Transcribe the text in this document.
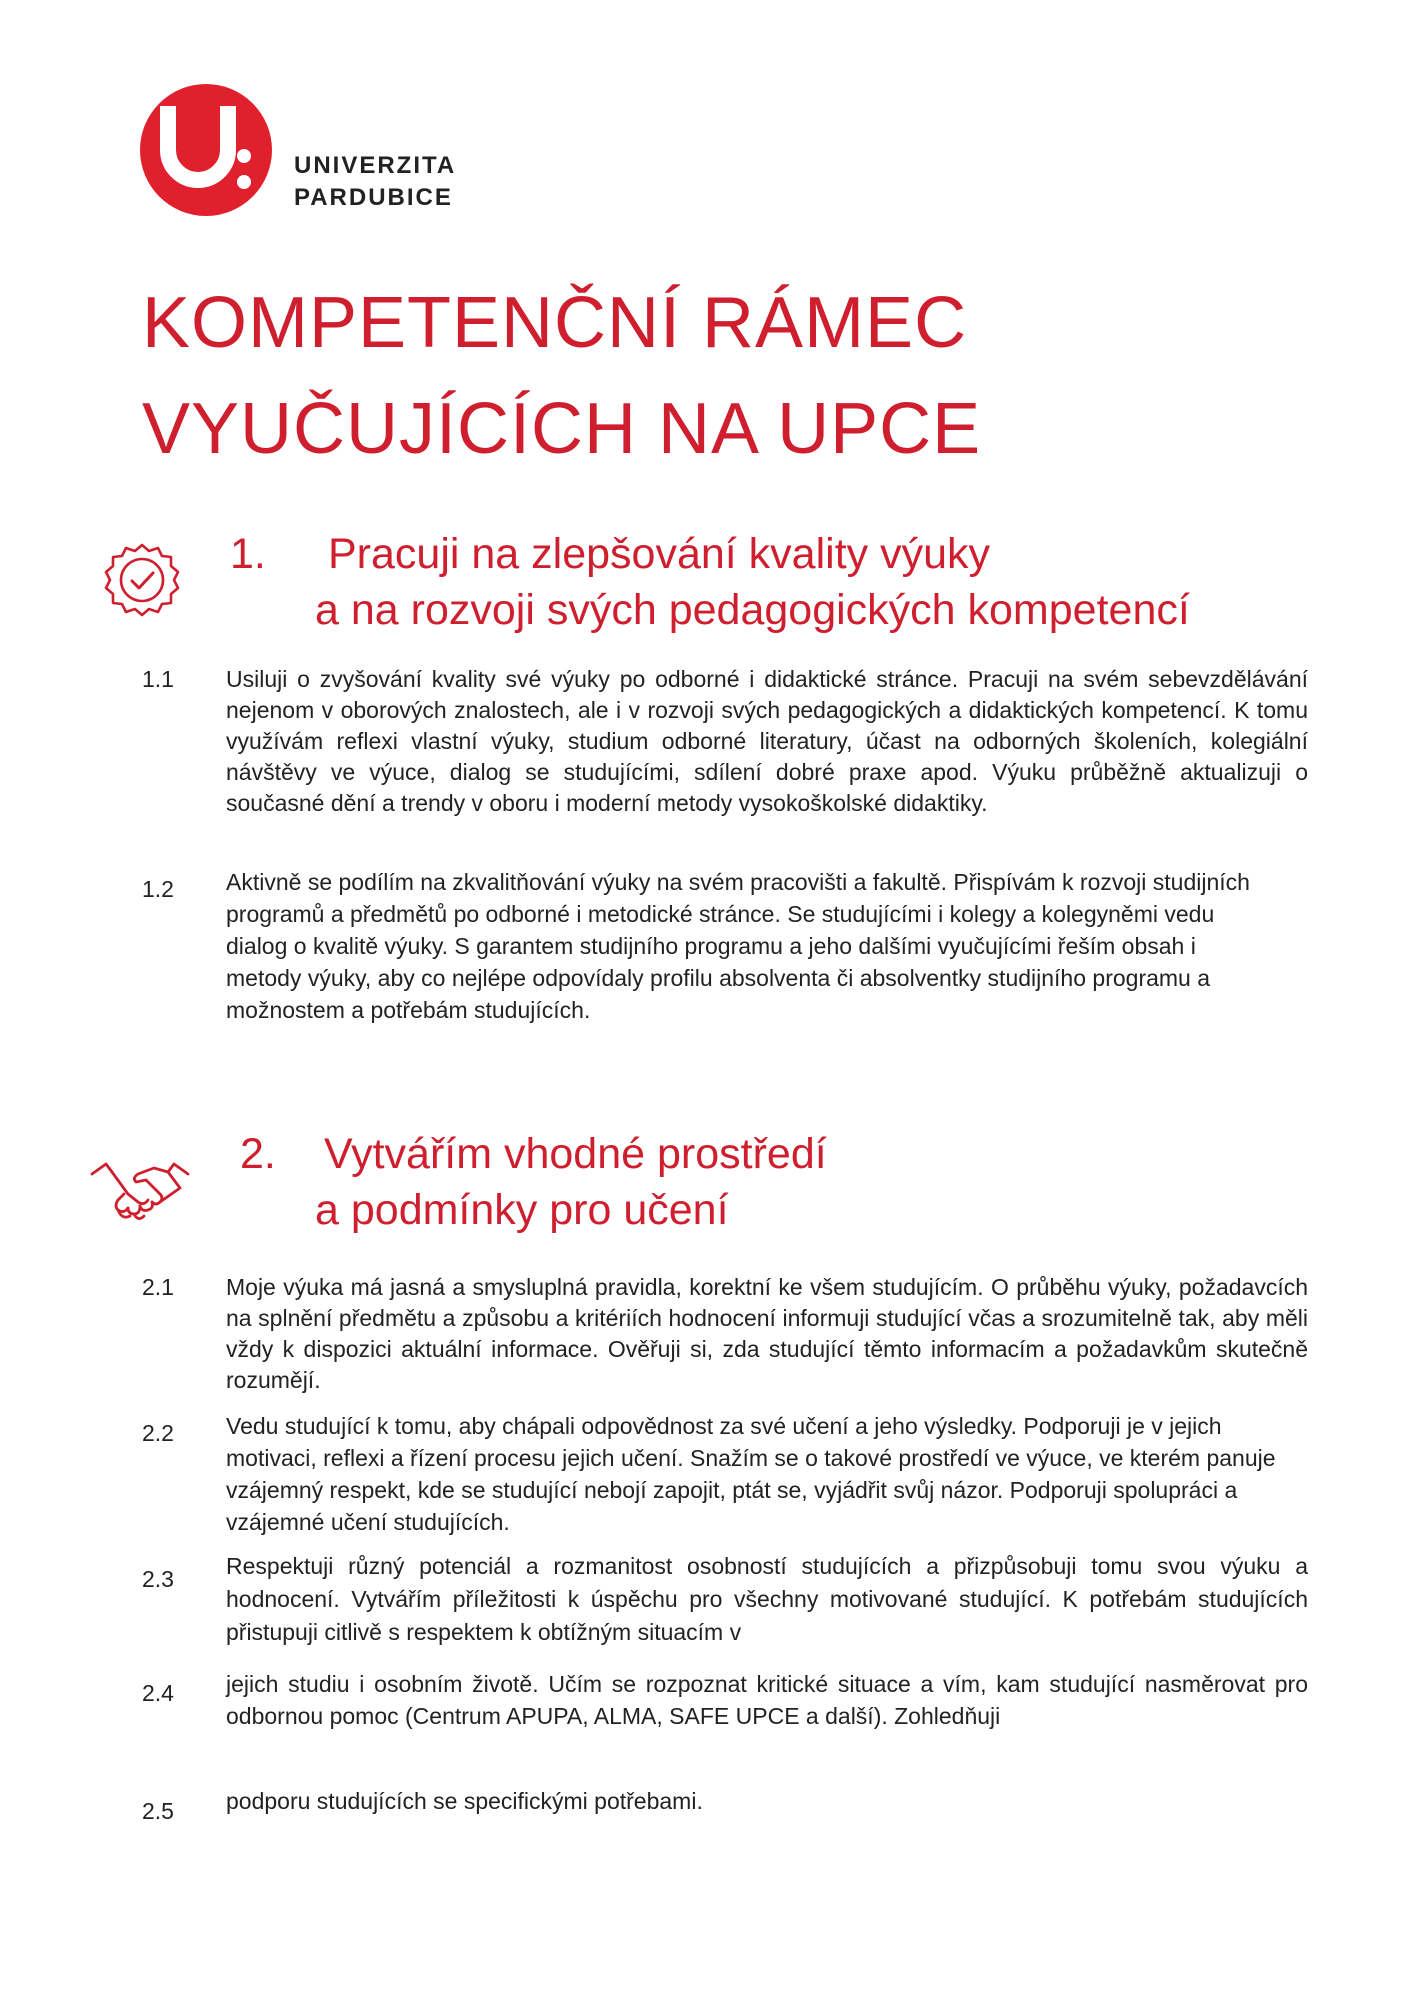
UNIVERZITA
PARDUBICE
KOMPETENČNÍ RÁMEC
VYUČUJÍCÍCH NA UPCE
1. Pracuji na zlepšování kvality výuky
a na rozvoji svých pedagogických kompetencí
1.1 Usiluji o zvyšování kvality své výuky po odborné i didaktické stránce. Pracuji na svém sebevzdělávání nejenom v oborových znalostech, ale i v rozvoji svých pedagogických a didaktických kompetencí. K tomu využívám reflexi vlastní výuky, studium odborné literatury, účast na odborných školeních, kolegiální návštěvy ve výuce, dialog se studujícími, sdílení dobré praxe apod. Výuku průběžně aktualizuji o současné dění a trendy v oboru i moderní metody vysokoškolské didaktiky.

1.2 Aktivně se podílím na zkvalitňování výuky na svém pracovišti a fakultě. Přispívám k rozvoji studijních programů a předmětů po odborné i metodické stránce. Se studujícími i kolegy a kolegyněmi vedu dialog o kvalitě výuky. S garantem studijního programu a jeho dalšími vyučujícími řeším obsah i metody výuky, aby co nejlépe odpovídaly profilu absolventa či absolventky studijního programu a možnostem a potřebám studujících.

2. Vytvářím vhodné prostředí
a podmínky pro učení
2.1 Moje výuka má jasná a smysluplná pravidla, korektní ke všem studujícím. O průběhu výuky, požadavcích na splnění předmětu a způsobu a kritériích hodnocení informuji studující včas a srozumitelně tak, aby měli vždy k dispozici aktuální informace. Ověřuji si, zda studující těmto informacím a požadavkům skutečně rozumějí.

2.2 Vedu studující k tomu, aby chápali odpovědnost za své učení a jeho výsledky. Podporuji je v jejich motivaci, reflexi a řízení procesu jejich učení. Snažím se o takové prostředí ve výuce, ve kterém panuje vzájemný respekt, kde se studující nebojí zapojit, ptát se, vyjádřit svůj názor. Podporuji spolupráci a vzájemné učení studujících.

2.3 Respektuji různý potenciál a rozmanitost osobností studujících a přizpůsobuji tomu svou výuku a hodnocení. Vytvářím příležitosti k úspěchu pro všechny motivované studující. K potřebám studujících přistupuji citlivě s respektem k obtížným situacím v

2.4 jejich studiu i osobním životě. Učím se rozpoznat kritické situace a vím, kam studující nasměrovat pro odbornou pomoc (Centrum APUPA, ALMA, SAFE UPCE a další). Zohledňuji

2.5 podporu studujících se specifickými potřebami.
